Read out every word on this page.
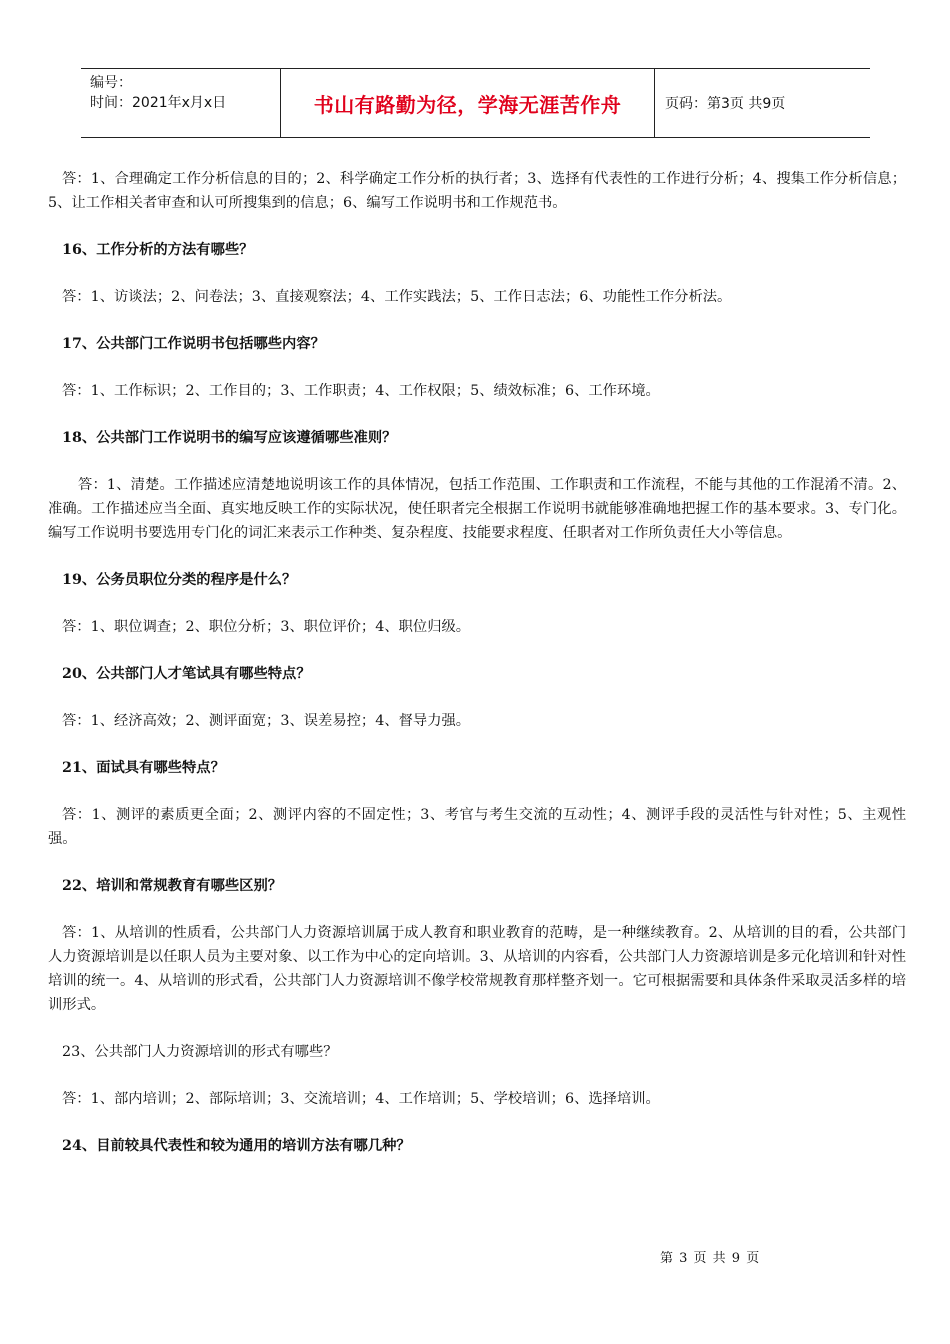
编号：
时间：2021年x月x日	书山有路勤为径，学海无涯苦作舟	页码：第3页 共9页

答：1、合理确定工作分析信息的目的；2、科学确定工作分析的执行者；3、选择有代表性的工作进行分析；4、搜集工作分析信息；5、让工作相关者审查和认可所搜集到的信息；6、编写工作说明书和工作规范书。

16、工作分析的方法有哪些？

答：1、访谈法；2、问卷法；3、直接观察法；4、工作实践法；5、工作日志法；6、功能性工作分析法。

17、公共部门工作说明书包括哪些内容？

答：1、工作标识；2、工作目的；3、工作职责；4、工作权限；5、绩效标准；6、工作环境。

18、公共部门工作说明书的编写应该遵循哪些准则？

答：1、清楚。工作描述应清楚地说明该工作的具体情况，包括工作范围、工作职责和工作流程，不能与其他的工作混淆不清。2、准确。工作描述应当全面、真实地反映工作的实际状况，使任职者完全根据工作说明书就能够准确地把握工作的基本要求。3、专门化。编写工作说明书要选用专门化的词汇来表示工作种类、复杂程度、技能要求程度、任职者对工作所负责任大小等信息。

19、公务员职位分类的程序是什么？

答：1、职位调查；2、职位分析；3、职位评价；4、职位归级。

20、公共部门人才笔试具有哪些特点？

答：1、经济高效；2、测评面宽；3、误差易控；4、督导力强。

21、面试具有哪些特点？

答：1、测评的素质更全面；2、测评内容的不固定性；3、考官与考生交流的互动性；4、测评手段的灵活性与针对性；5、主观性强。

22、培训和常规教育有哪些区别？

答：1、从培训的性质看，公共部门人力资源培训属于成人教育和职业教育的范畴，是一种继续教育。2、从培训的目的看，公共部门人力资源培训是以任职人员为主要对象、以工作为中心的定向培训。3、从培训的内容看，公共部门人力资源培训是多元化培训和针对性培训的统一。4、从培训的形式看，公共部门人力资源培训不像学校常规教育那样整齐划一。它可根据需要和具体条件采取灵活多样的培训形式。

23、公共部门人力资源培训的形式有哪些？

答：1、部内培训；2、部际培训；3、交流培训；4、工作培训；5、学校培训；6、选择培训。

24、目前较具代表性和较为通用的培训方法有哪几种？

第 3 页 共 9 页
